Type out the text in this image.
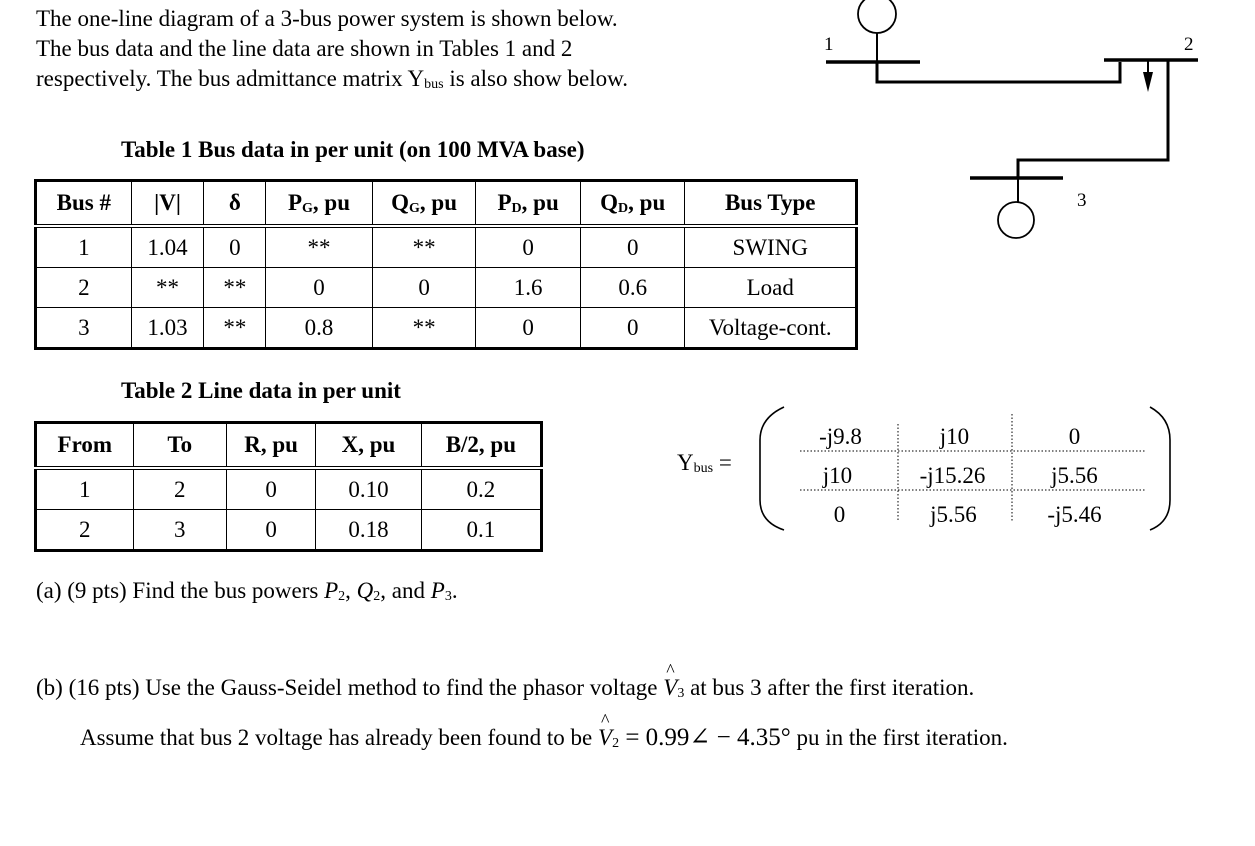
The one-line diagram of a 3-bus power system is shown below.
The bus data and the line data are shown in Tables 1 and 2
respectively. The bus admittance matrix $Y_{bus}$ is also show below.
1	2
3
Table 1 Bus data in per unit (on 100 MVA base)
Bus #	|V|	δ	$P_G$, pu	$Q_G$, pu	$P_D$, pu	$Q_D$, pu	Bus Type
1	1.04	0	**	**	0	0	SWING
2	**	**	0	0	1.6	0.6	Load
3	1.03	**	0.8	**	0	0	Voltage-cont.
Table 2 Line data in per unit
From	To	R, pu	X, pu	B/2, pu
1	2	0	0.10	0.2
2	3	0	0.18	0.1
$Y_{bus}$ =
-j9.8	j10	0
j10	-j15.26	j5.56
0	j5.56	-j5.46
(a) (9 pts) Find the bus powers $P_2$, $Q_2$, and $P_3$.
(b) (16 pts) Use the Gauss-Seidel method to find the phasor voltage V
^
$_3$ at bus 3 after the first iteration.
Assume that bus 2 voltage has already been found to be V
^
$_2$ = 0.99∠ − 4.35° pu in the first iteration.
